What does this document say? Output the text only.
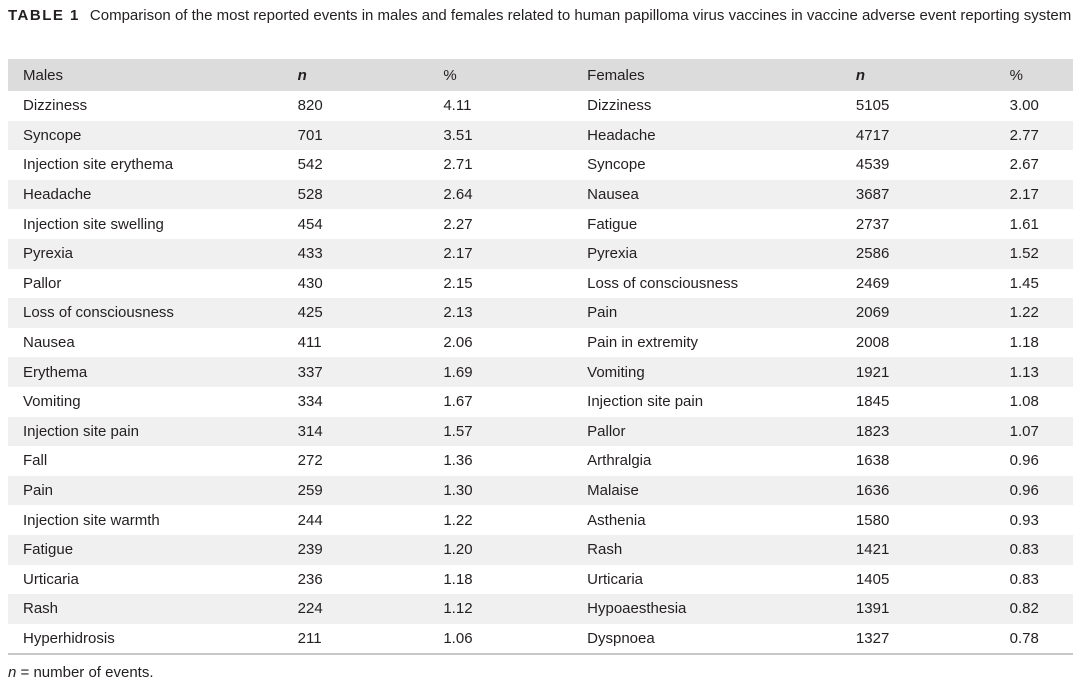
TABLE 1 Comparison of the most reported events in males and females related to human papilloma virus vaccines in vaccine adverse event reporting system
Males	n	%	Females	n	%
Dizziness	820	4.11	Dizziness	5105	3.00
Syncope	701	3.51	Headache	4717	2.77
Injection site erythema	542	2.71	Syncope	4539	2.67
Headache	528	2.64	Nausea	3687	2.17
Injection site swelling	454	2.27	Fatigue	2737	1.61
Pyrexia	433	2.17	Pyrexia	2586	1.52
Pallor	430	2.15	Loss of consciousness	2469	1.45
Loss of consciousness	425	2.13	Pain	2069	1.22
Nausea	411	2.06	Pain in extremity	2008	1.18
Erythema	337	1.69	Vomiting	1921	1.13
Vomiting	334	1.67	Injection site pain	1845	1.08
Injection site pain	314	1.57	Pallor	1823	1.07
Fall	272	1.36	Arthralgia	1638	0.96
Pain	259	1.30	Malaise	1636	0.96
Injection site warmth	244	1.22	Asthenia	1580	0.93
Fatigue	239	1.20	Rash	1421	0.83
Urticaria	236	1.18	Urticaria	1405	0.83
Rash	224	1.12	Hypoaesthesia	1391	0.82
Hyperhidrosis	211	1.06	Dyspnoea	1327	0.78
n = number of events.
